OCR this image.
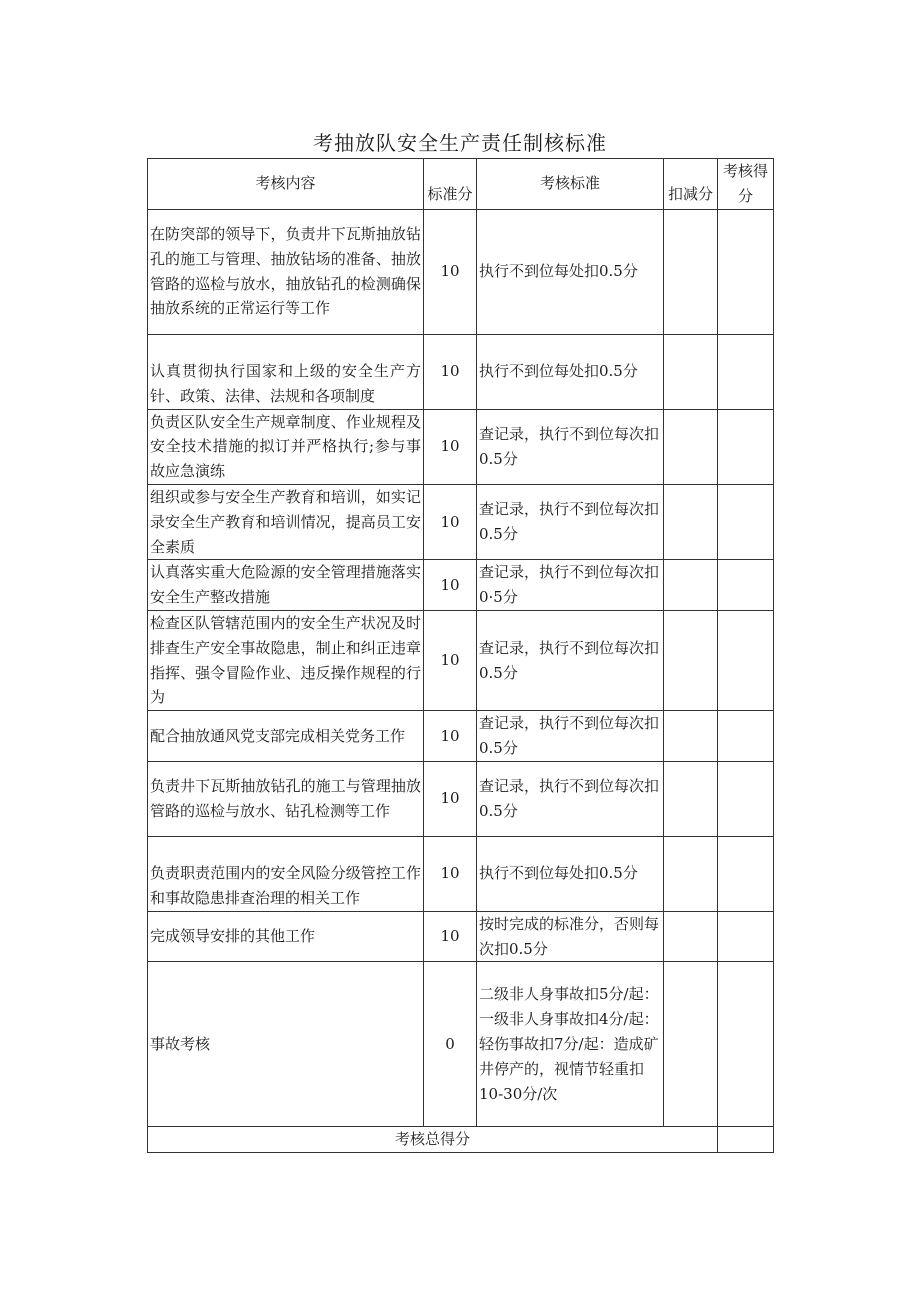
考抽放队安全生产责任制核标准
考核内容	标准分	考核标准	扣减分	考核得分
在防突部的领导下，负责井下瓦斯抽放钻孔的施工与管理、抽放钻场的准备、抽放管路的巡检与放水，抽放钻孔的检测确保抽放系统的正常运行等工作	10	执行不到位每处扣0.5分		
认真贯彻执行国家和上级的安全生产方针、政策、法律、法规和各项制度	10	执行不到位每处扣0.5分		
负责区队安全生产规章制度、作业规程及安全技术措施的拟订并严格执行;参与事故应急演练	10	查记录，执行不到位每次扣0.5分		
组织或参与安全生产教育和培训，如实记录安全生产教育和培训情况，提高员工安全素质	10	查记录，执行不到位每次扣0.5分		
认真落实重大危险源的安全管理措施落实安全生产整改措施	10	查记录，执行不到位每次扣0·5分		
检查区队管辖范围内的安全生产状况及时排查生产安全事故隐患，制止和纠正违章指挥、强令冒险作业、违反操作规程的行为	10	查记录，执行不到位每次扣0.5分		
配合抽放通风党支部完成相关党务工作	10	查记录，执行不到位每次扣0.5分		
负责井下瓦斯抽放钻孔的施工与管理抽放管路的巡检与放水、钻孔检测等工作	10	查记录，执行不到位每次扣0.5分		
负责职责范围内的安全风险分级管控工作和事故隐患排查治理的相关工作	10	执行不到位每处扣0.5分		
完成领导安排的其他工作	10	按时完成的标准分，否则每次扣0.5分		
事故考核	0	二级非人身事故扣5分/起：一级非人身事故扣4分/起：轻伤事故扣7分/起：造成矿井停产的，视情节轻重扣10-30分/次		
考核总得分				
